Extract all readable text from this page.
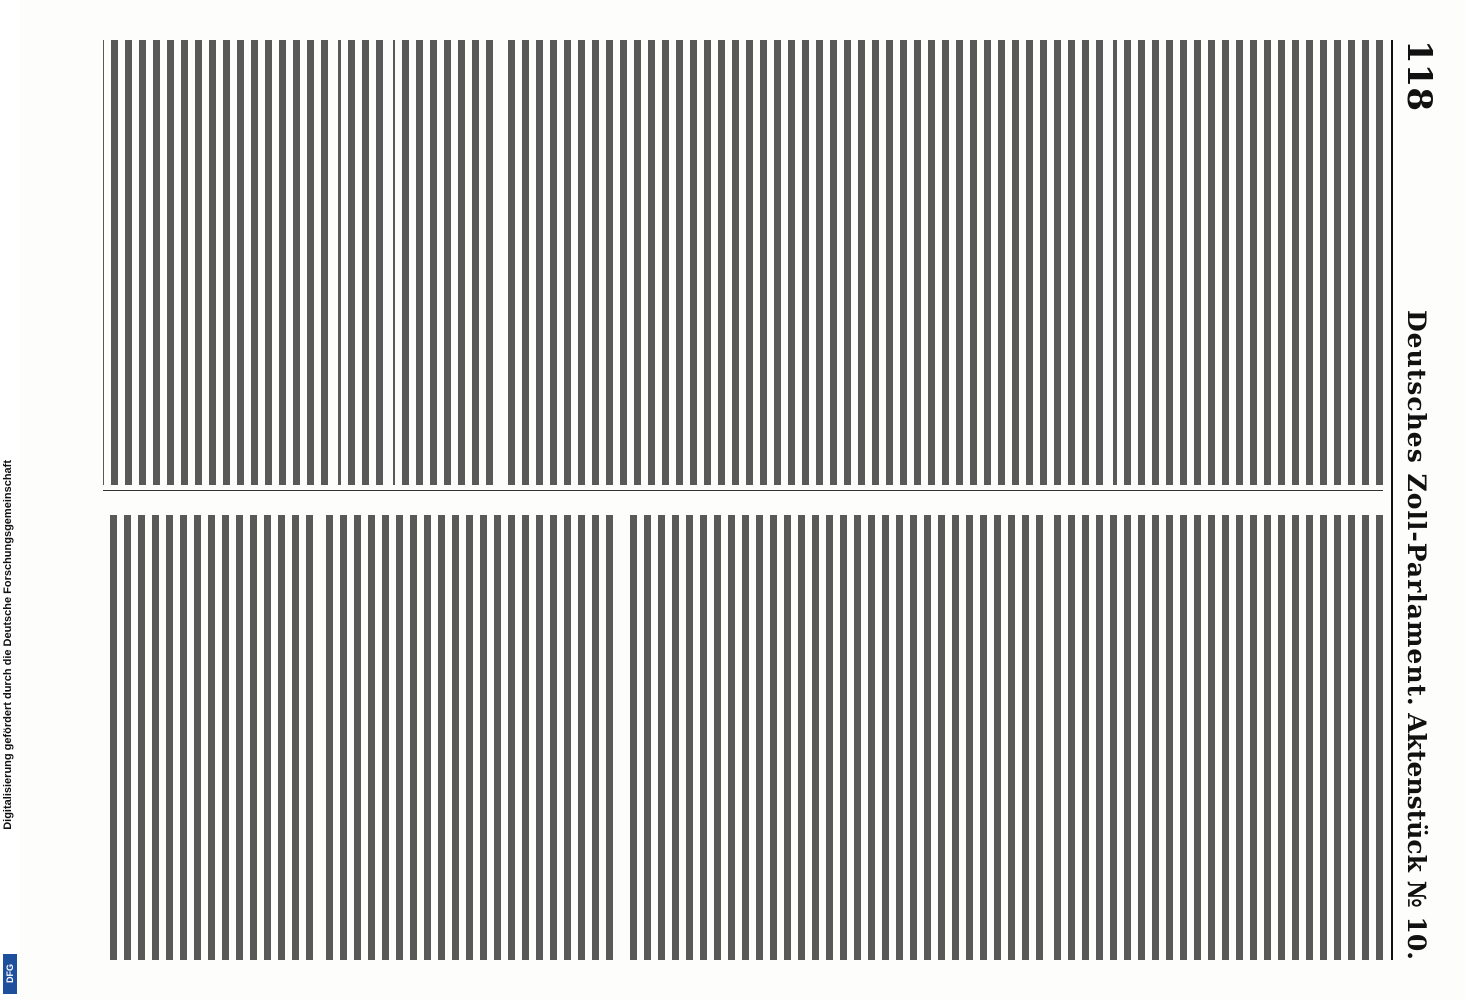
118
Deutsches Zoll-Parlament.
Aktenstück № 10.
Digitalisierung gefördert durch die Deutsche Forschungsgemeinschaft
DFG
